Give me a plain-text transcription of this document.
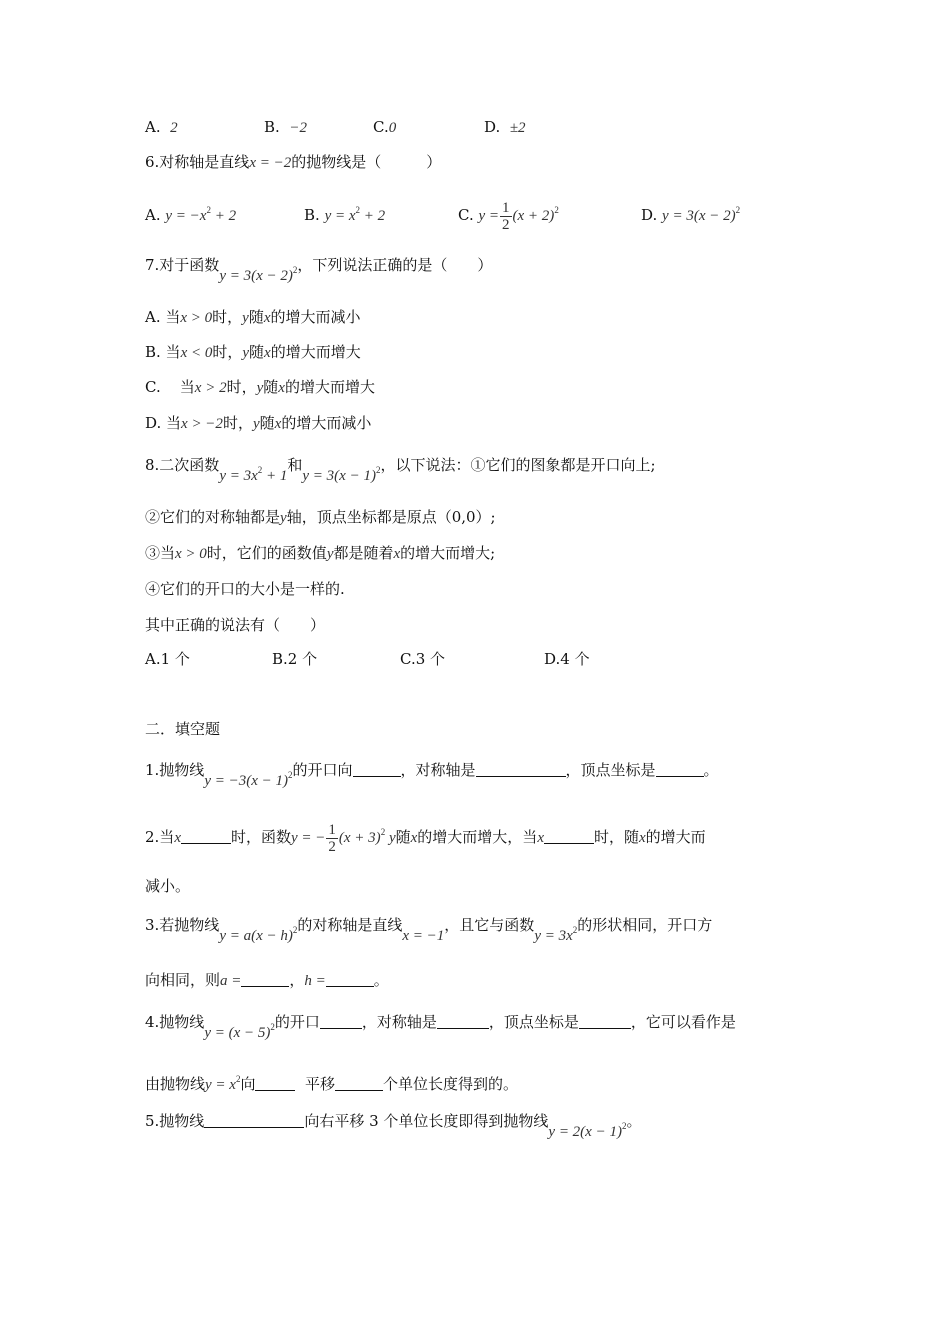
A. 2	B. −2	C.0	D. ±2
6.对称轴是直线x = −2的抛物线是（　　　）
A. $y = -x^2 + 2$	B. $y = x^2 + 2$	C. $y = \frac{1}{2} (x + 2)^2$	D. $y = 3(x - 2)^2$
7.对于函数$y = 3(x - 2)^2$，下列说法正确的是（　　）
A. 当x > 0时，y随x的增大而减小
B. 当x < 0时，y随x的增大而增大
C.    当x > 2时，y随x的增大而增大
D. 当x > −2时，y随x的增大而减小
8.二次函数$y = 3x^2 + 1$和$y = 3(x - 1)^2$，以下说法：①它们的图象都是开口向上;
②它们的对称轴都是y轴，顶点坐标都是原点（0,0）;
③当x > 0时，它们的函数值y都是随着x的增大而增大;
④它们的开口的大小是一样的.
其中正确的说法有（　　）
A.1 个	B.2 个	C.3 个	D.4 个
二．填空题
1.抛物线$y = -3(x - 1)^2$的开口向	，对称轴是	，顶点坐标是	。
2.当x	时，函数y = − $\frac{1}{2} (x + 3)^2$ y随x的增大而增大，当x	时，随x的增大而
减小。
3.若抛物线$y = a(x - h)^2$的对称轴是直线x = −1，且它与函数$y = 3x^2$的形状相同，开口方
向相同，则a =	，h =	。
4.抛物线$y = (x - 5)^2$的开口	，对称轴是	，顶点坐标是	，它可以看作是
由抛物线$y = x^2$向	平移	个单位长度得到的。
5.抛物线	向右平移 3 个单位长度即得到抛物线$y = 2(x - 1)^2$。
